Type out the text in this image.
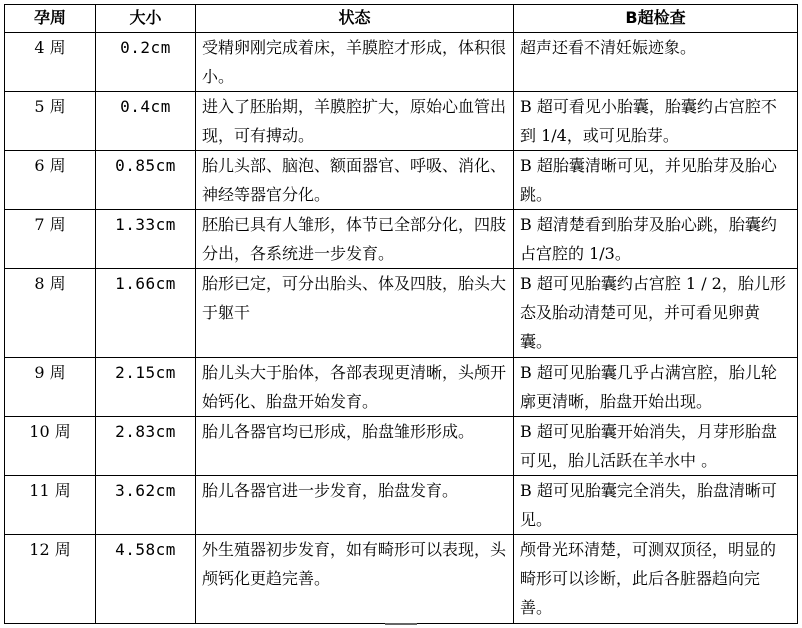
孕周	大小	状态	B超检查
4 周	0.2cm	受精卵刚完成着床，羊膜腔才形成，体积很小。	超声还看不清妊娠迹象。
5 周	0.4cm	进入了胚胎期，羊膜腔扩大，原始心血管出现，可有搏动。	B 超可看见小胎囊，胎囊约占宫腔不到 1/4，或可见胎芽。
6 周	0.85cm	胎儿头部、脑泡、额面器官、呼吸、消化、神经等器官分化。	B 超胎囊清晰可见，并见胎芽及胎心跳。
7 周	1.33cm	胚胎已具有人雏形，体节已全部分化，四肢分出，各系统进一步发育。	B 超清楚看到胎芽及胎心跳，胎囊约占宫腔的 1/3。
8 周	1.66cm	胎形已定，可分出胎头、体及四肢，胎头大于躯干	B 超可见胎囊约占宫腔 1 / 2，胎儿形态及胎动清楚可见，并可看见卵黄囊。
9 周	2.15cm	胎儿头大于胎体，各部表现更清晰，头颅开始钙化、胎盘开始发育。	B 超可见胎囊几乎占满宫腔，胎儿轮廓更清晰，胎盘开始出现。
10 周	2.83cm	胎儿各器官均已形成，胎盘雏形形成。	B 超可见胎囊开始消失，月芽形胎盘可见，胎儿活跃在羊水中 。
11 周	3.62cm	胎儿各器官进一步发育，胎盘发育。	B 超可见胎囊完全消失，胎盘清晰可见。
12 周	4.58cm	外生殖器初步发育，如有畸形可以表现，头颅钙化更趋完善。	颅骨光环清楚，可测双顶径，明显的畸形可以诊断，此后各脏器趋向完善。
